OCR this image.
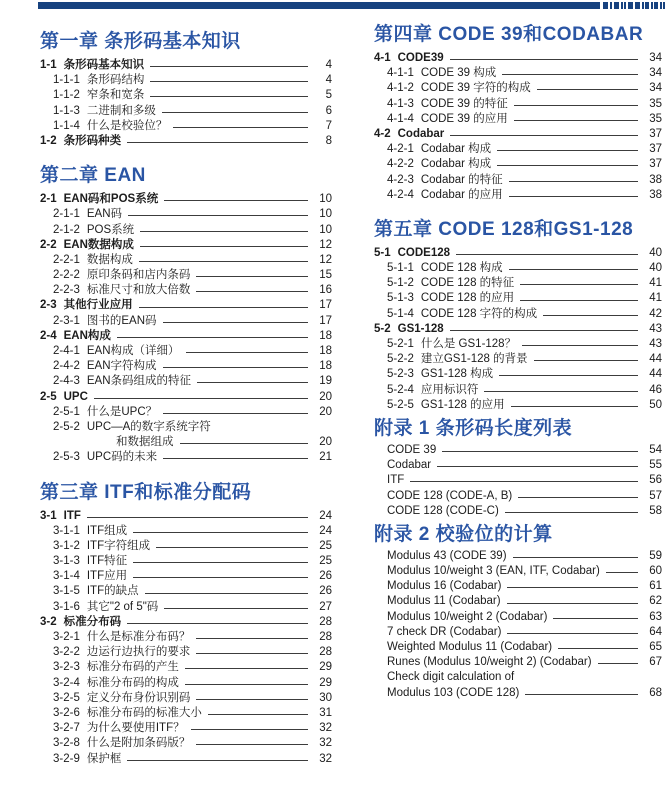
第一章 条形码基本知识
1-1 条形码基本知识	4
1-1-1 条形码结构	4
1-1-2 窄条和宽条	5
1-1-3 二进制和多级	6
1-1-4 什么是校验位？	7
1-2 条形码种类	8
第二章 EAN
2-1 EAN码和POS系统	10
2-1-1 EAN码	10
2-1-2 POS系统	10
2-2 EAN数据构成	12
2-2-1 数据构成	12
2-2-2 原印条码和店内条码	15
2-2-3 标准尺寸和放大倍数	16
2-3 其他行业应用	17
2-3-1 图书的EAN码	17
2-4 EAN构成	18
2-4-1 EAN构成（详细）	18
2-4-2 EAN字符构成	18
2-4-3 EAN条码组成的特征	19
2-5 UPC	20
2-5-1 什么是UPC？	20
2-5-2 UPC—A的数字系统字符
和数据组成	20
2-5-3 UPC码的未来	21
第三章 ITF和标准分配码
3-1 ITF	24
3-1-1 ITF组成	24
3-1-2 ITF字符组成	25
3-1-3 ITF特征	25
3-1-4 ITF应用	26
3-1-5 ITF的缺点	26
3-1-6 其它"2 of 5"码	27
3-2 标准分布码	28
3-2-1 什么是标准分布码？	28
3-2-2 边运行边执行的要求	28
3-2-3 标准分布码的产生	29
3-2-4 标准分布码的构成	29
3-2-5 定义分布身份识别码	30
3-2-6 标准分布码的标准大小	31
3-2-7 为什么要使用ITF？	32
3-2-8 什么是附加条码版？	32
3-2-9 保护框	32
第四章 CODE 39和CODABAR
4-1 CODE39	34
4-1-1 CODE 39 构成	34
4-1-2 CODE 39 字符的构成	34
4-1-3 CODE 39 的特征	35
4-1-4 CODE 39 的应用	35
4-2 Codabar	37
4-2-1 Codabar 构成	37
4-2-2 Codabar 构成	37
4-2-3 Codabar 的特征	38
4-2-4 Codabar 的应用	38
第五章 CODE 128和GS1-128
5-1 CODE128	40
5-1-1 CODE 128 构成	40
5-1-2 CODE 128 的特征	41
5-1-3 CODE 128 的应用	41
5-1-4 CODE 128 字符的构成	42
5-2 GS1-128	43
5-2-1 什么是 GS1-128？	43
5-2-2 建立GS1-128 的背景	44
5-2-3 GS1-128 构成	44
5-2-4 应用标识符	46
5-2-5 GS1-128 的应用	50
附录 1 条形码长度列表
CODE 39	54
Codabar	55
ITF	56
CODE 128 (CODE-A, B)	57
CODE 128 (CODE-C)	58
附录 2 校验位的计算
Modulus 43 (CODE 39)	59
Modulus 10/weight 3 (EAN, ITF, Codabar)	60
Modulus 16 (Codabar)	61
Modulus 11 (Codabar)	62
Modulus 10/weight 2 (Codabar)	63
7 check DR (Codabar)	64
Weighted Modulus 11 (Codabar)	65
Runes (Modulus 10/weight 2) (Codabar)	67
Check digit calculation of
Modulus 103 (CODE 128)	68
